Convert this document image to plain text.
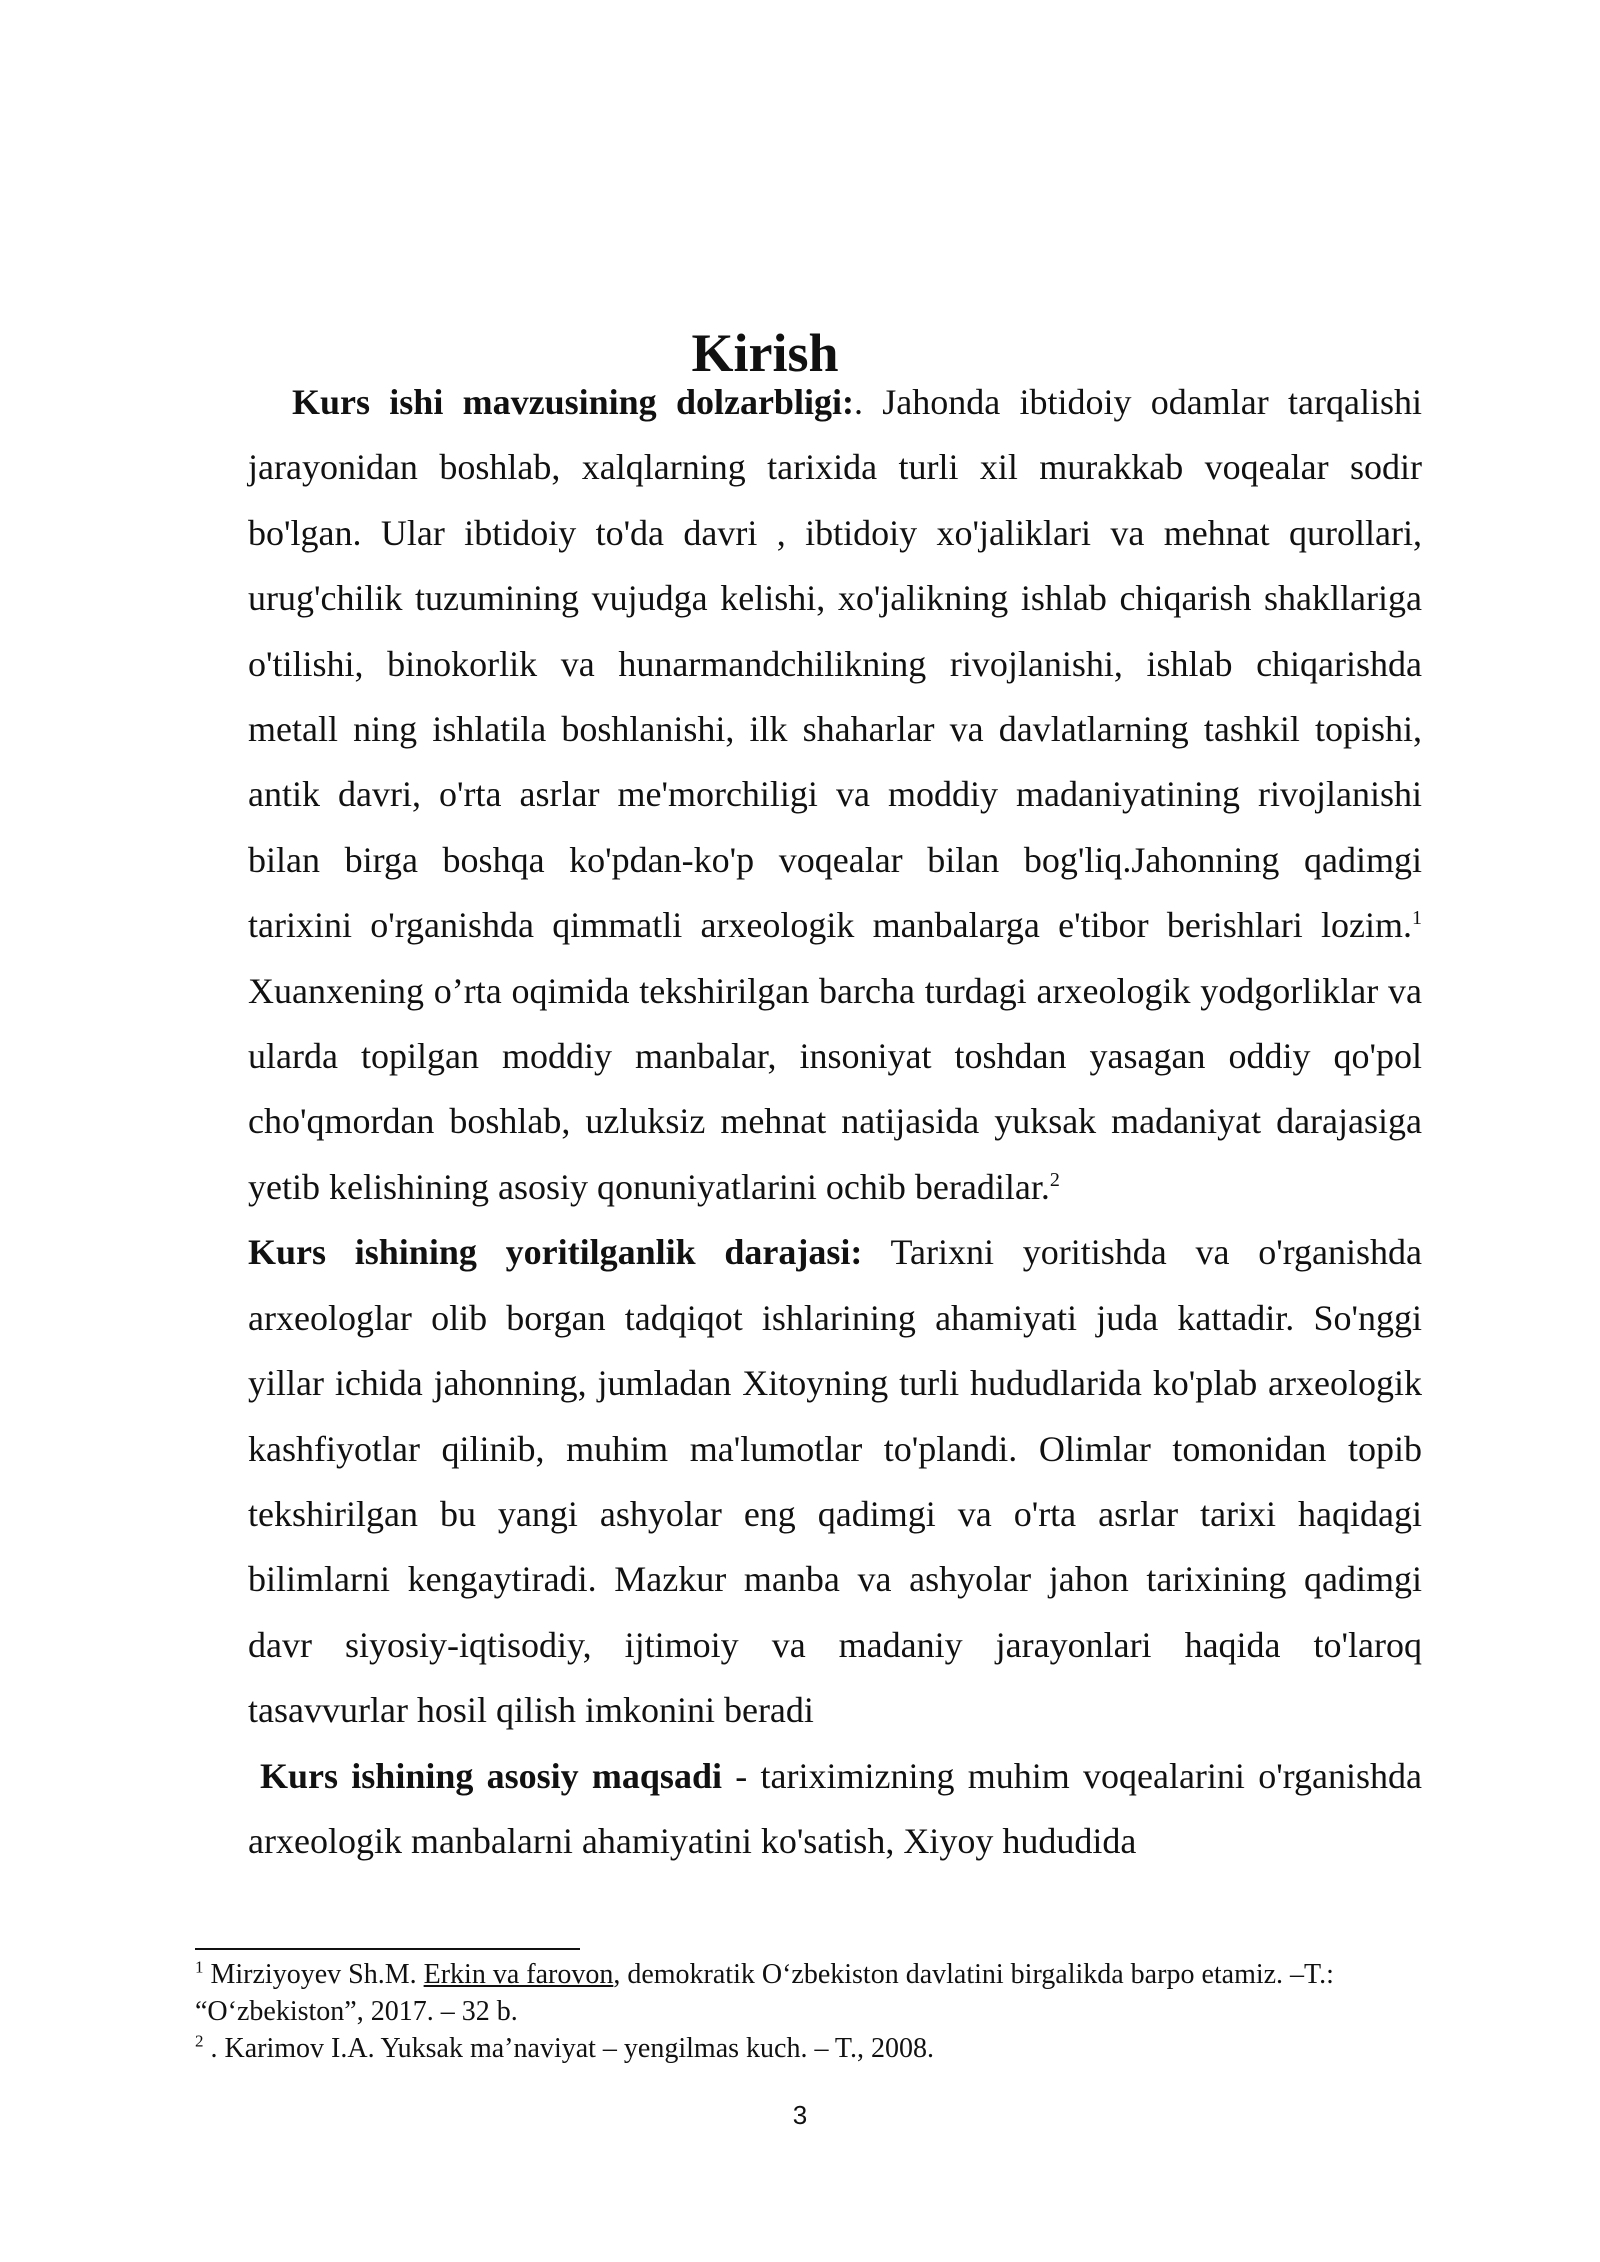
Kirish

Kurs ishi mavzusining dolzarbligi:. Jahonda ibtidoiy odamlar tarqalishi jarayonidan boshlab, xalqlarning tarixida turli xil murakkab voqealar sodir bo'lgan. Ular ibtidoiy to'da davri , ibtidoiy xo'jaliklari va mehnat qurollari, urug'chilik tuzumining vujudga kelishi, xo'jalikning ishlab chiqarish shakllariga o'tilishi, binokorlik va hunarmandchilikning rivojlanishi, ishlab chiqarishda metall ning ishlatila boshlanishi, ilk shaharlar va davlatlarning tashkil topishi, antik davri, o'rta asrlar me'morchiligi va moddiy madaniyatining rivojlanishi bilan birga boshqa ko'pdan-ko'p voqealar bilan bog'liq.Jahonning qadimgi tarixini o'rganishda qimmatli arxeologik manbalarga e'tibor berishlari lozim.$^1$ Xuanxening o’rta oqimida tekshirilgan barcha turdagi arxeologik yodgorliklar va ularda topilgan moddiy manbalar, insoniyat toshdan yasagan oddiy qo'pol cho'qmordan boshlab, uzluksiz mehnat natijasida yuksak madaniyat darajasiga yetib kelishining asosiy qonuniyatlarini ochib beradilar.$^2$

Kurs ishining yoritilganlik darajasi: Tarixni yoritishda va o'rganishda arxeologlar olib borgan tadqiqot ishlarining ahamiyati juda kattadir. So'nggi yillar ichida jahonning, jumladan Xitoyning turli hududlarida ko'plab arxeologik kashfiyotlar qilinib, muhim ma'lumotlar to'plandi. Olimlar tomonidan topib tekshirilgan bu yangi ashyolar eng qadimgi va o'rta asrlar tarixi haqidagi bilimlarni kengaytiradi. Mazkur manba va ashyolar jahon tarixining qadimgi davr siyosiy-iqtisodiy, ijtimoiy va madaniy jarayonlari haqida to'laroq tasavvurlar hosil qilish imkonini beradi

Kurs ishining asosiy maqsadi - tariximizning muhim voqealarini o'rganishda arxeologik manbalarni ahamiyatini ko'satish, Xiyoy hududida

$^1$ Mirziyoyev Sh.M. Erkin va farovon, demokratik O‘zbekiston davlatini birgalikda barpo etamiz. –T.: “O‘zbekiston”, 2017. – 32 b.

$^2$ . Karimov I.A. Yuksak ma’naviyat – yengilmas kuch. – T., 2008.

3
